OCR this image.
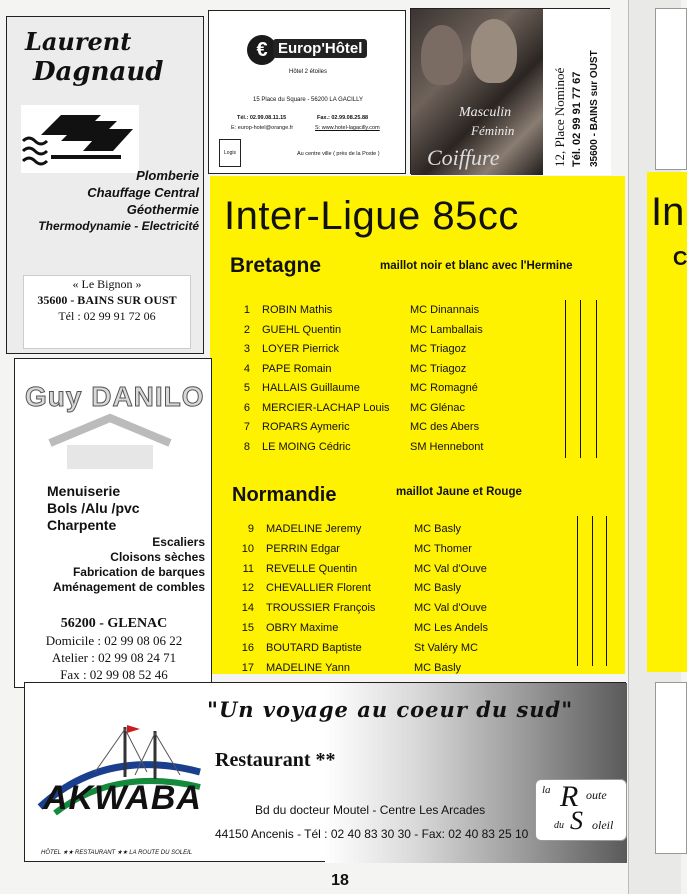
Laurent
Dagnaud
Plomberie
Chauffage Central
Géothermie
Thermodynamie - Electricité
« Le Bignon »
35600 - BAINS SUR OUST
Tél : 02 99 91 72 06
€ Europ'Hôtel
Hôtel 2 étoiles
15 Place du Square - 56200 LA GACILLY
Tél.: 02.99.08.11.15	Fax.: 02.99.08.25.88
E: europ-hotel@orange.fr	S: www.hotel-lagacilly.com
Logis	Au centre ville ( près de la Poste )
Masculin
Féminin
Coiffure	12, Place Nominoé Tél. 02 99 91 77 67 35600 - BAINS sur OUST
Inter-Ligue 85cc
Bretagne	maillot noir et blanc avec l'Hermine
1 ROBIN Mathis	MC Dinannais
2 GUEHL Quentin	MC Lamballais
3 LOYER Pierrick	MC Triagoz
4 PAPE Romain	MC Triagoz
5 HALLAIS Guillaume	MC Romagné
6 MERCIER-LACHAP Louis MC Glénac
7 ROPARS Aymeric	MC des Abers
8 LE MOING Cédric	SM Hennebont
Normandie	maillot Jaune et Rouge
9 MADELINE Jeremy	MC Basly
10 PERRIN Edgar	MC Thomer
11 REVELLE Quentin	MC Val d'Ouve
12 CHEVALLIER Florent	MC Basly
14 TROUSSIER François	MC Val d'Ouve
15 OBRY Maxime	MC Les Andels
16 BOUTARD Baptiste	St Valéry MC
17 MADELINE Yann	MC Basly
Guy DANILO
Menuiserie
Bols /Alu /pvc
Charpente
Escaliers
Cloisons sèches
Fabrication de barques
Aménagement de combles
56200 - GLENAC
Domicile : 02 99 08 06 22
Atelier : 02 99 08 24 71
Fax : 02 99 08 52 46
AKWABA
HÔTEL ★★ RESTAURANT ★★ LA ROUTE DU SOLEIL
"Un voyage au coeur du sud"
Restaurant **
Bd du docteur Moutel - Centre Les Arcades
44150 Ancenis - Tél : 02 40 83 30 30 - Fax: 02 40 83 25 10
la R oute
du S oleil
18
In
C
